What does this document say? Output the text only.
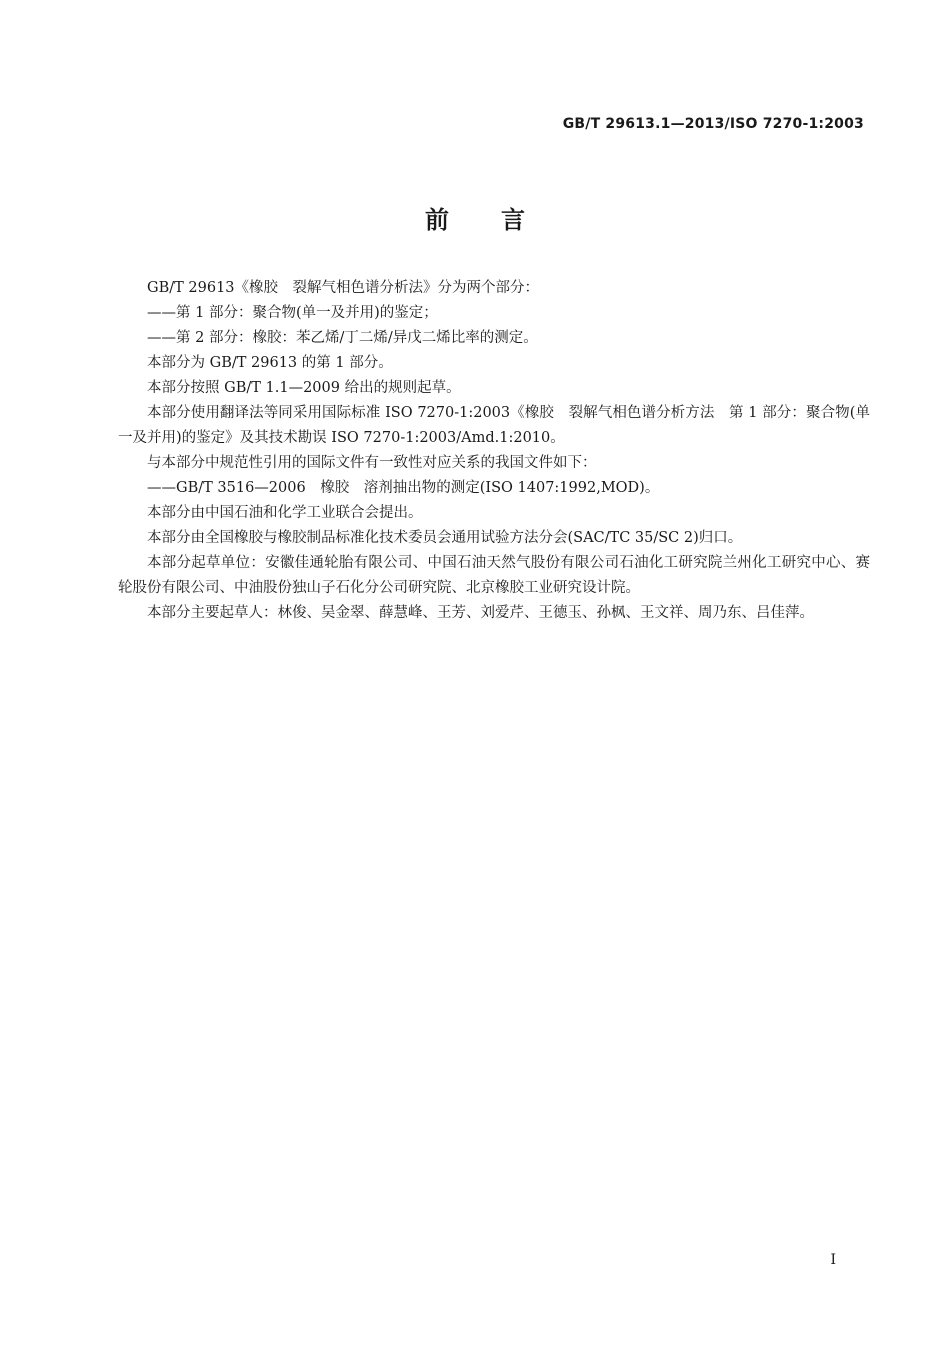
GB/T 29613.1—2013/ISO 7270-1:2003
前言

GB/T 29613《橡胶　裂解气相色谱分析法》分为两个部分：

——第 1 部分：聚合物(单一及并用)的鉴定；

——第 2 部分：橡胶：苯乙烯/丁二烯/异戊二烯比率的测定。

本部分为 GB/T 29613 的第 1 部分。

本部分按照 GB/T 1.1—2009 给出的规则起草。

本部分使用翻译法等同采用国际标准 ISO 7270-1:2003《橡胶　裂解气相色谱分析方法　第 1 部分：聚合物(单一及并用)的鉴定》及其技术勘误 ISO 7270-1:2003/Amd.1:2010。

与本部分中规范性引用的国际文件有一致性对应关系的我国文件如下：

——GB/T 3516—2006　橡胶　溶剂抽出物的测定(ISO 1407:1992,MOD)。

本部分由中国石油和化学工业联合会提出。

本部分由全国橡胶与橡胶制品标准化技术委员会通用试验方法分会(SAC/TC 35/SC 2)归口。

本部分起草单位：安徽佳通轮胎有限公司、中国石油天然气股份有限公司石油化工研究院兰州化工研究中心、赛轮股份有限公司、中油股份独山子石化分公司研究院、北京橡胶工业研究设计院。

本部分主要起草人：林俊、吴金翠、薛慧峰、王芳、刘爱芹、王德玉、孙枫、王文祥、周乃东、吕佳萍。

I
